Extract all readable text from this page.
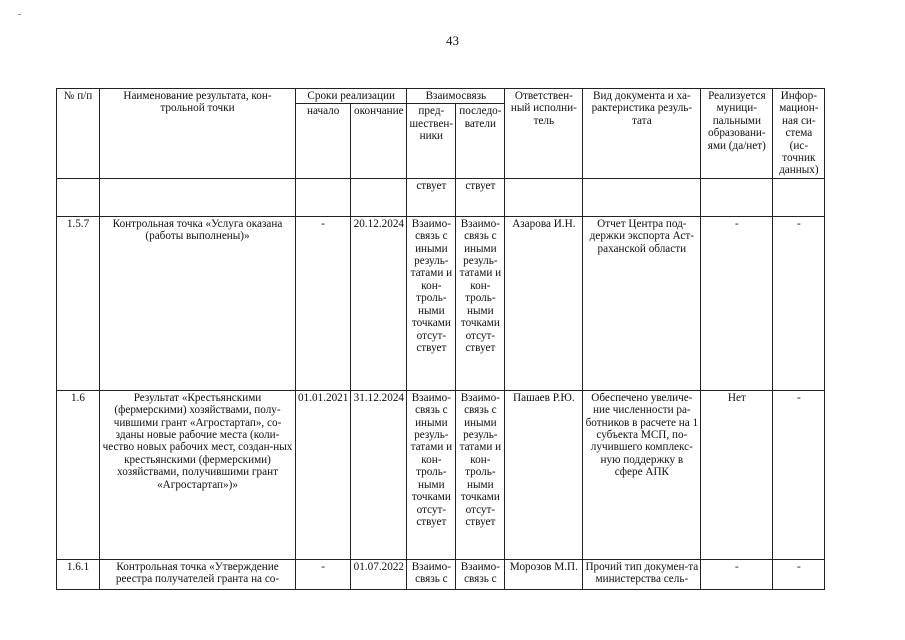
43
№ п/п	Наименование результата, кон-трольной точки	Сроки реализации		Взаимосвязь		Ответствен-ный исполни-тель	Вид документа и ха-рактеристика резуль-тата	Реализуется муници-пальными образовани-ями (да/нет)	Инфор-мацион-ная си-стема (ис-точник данных)
		начало	окончание	пред-шествен-ники	последо-ватели				
				ствует	ствует				
1.5.7	Контрольная точка «Услуга оказана (работы выполнены)»	-	20.12.2024	Взаимо-связь с иными резуль-татами и кон-троль-ными точками отсут-ствует	Взаимо-связь с иными резуль-татами и кон-троль-ными точками отсут-ствует	Азарова И.Н.	Отчет Центра под-держки экспорта Аст-раханской области	-	-
1.6	Результат «Крестьянскими (фермерскими) хозяйствами, полу-чившими грант «Агростартап», со-зданы новые рабочие места (коли-чество новых рабочих мест, создан-ных крестьянскими (фермерскими) хозяйствами, получившими грант «Агростартап»)»	01.01.2021	31.12.2024	Взаимо-связь с иными резуль-татами и кон-троль-ными точками отсут-ствует	Взаимо-связь с иными резуль-татами и кон-троль-ными точками отсут-ствует	Пашаев Р.Ю.	Обеспечено увеличе-ние численности ра-ботников в расчете на 1 субъекта МСП, по-лучившего комплекс-ную поддержку в сфере АПК	Нет	-
1.6.1	Контрольная точка «Утверждение реестра получателей гранта на со-	-	01.07.2022	Взаимо-связь с	Взаимо-связь с	Морозов М.П.	Прочий тип докумен-та министерства сель-	-	-
